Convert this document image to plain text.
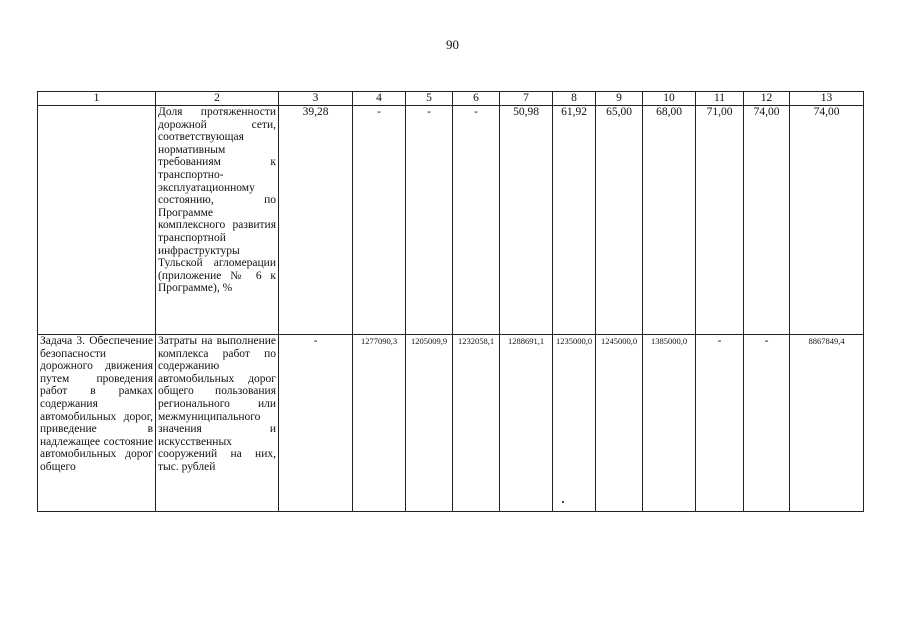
90
1	2	3	4	5	6	7	8	9	10	11	12	13
	Доля протяженности дорожной сети, соответствующая нормативным требованиям к транспортно-эксплуатационному состоянию, по Программе комплексного развития транспортной инфраструктуры Тульской агломерации (приложение № 6 к Программе), %	39,28	-	-	-	50,98	61,92	65,00	68,00	71,00	74,00	74,00
Задача 3. Обеспечение безопасности дорожного движения путем проведения работ в рамках содержания автомобильных дорог, приведение в надлежащее состояние автомобильных дорог общего	Затраты на выполнение комплекса работ по содержанию автомобильных дорог общего пользования регионального или межмуниципального значения и искусственных сооружений на них, тыс. рублей	-	1277090,3	1205009,9	1232058,1	1288691,1	1235000,0	1245000,0	1385000,0	-	-	8867849,4
